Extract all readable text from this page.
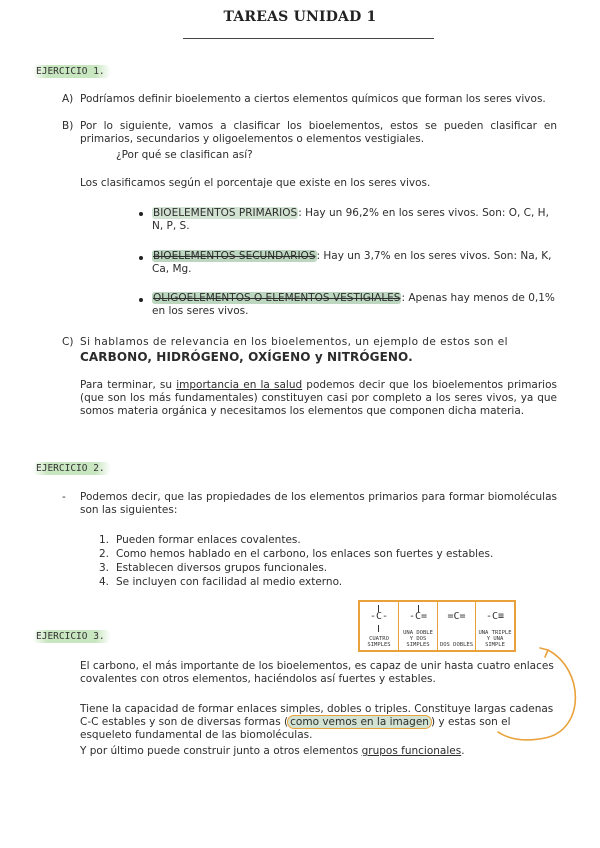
TAREAS UNIDAD 1
EJERCICIO 1.
A) Podríamos definir bioelemento a ciertos elementos químicos que forman los seres vivos.
B) Por lo siguiente, vamos a clasificar los bioelementos, estos se pueden clasificar en primarios, secundarios y oligoelementos o elementos vestigiales.
¿Por qué se clasifican así?
Los clasificamos según el porcentaje que existe en los seres vivos.
BIOELEMENTOS PRIMARIOS: Hay un 96,2% en los seres vivos. Son: O, C, H, N, P, S.
BIOELEMENTOS SECUNDARIOS: Hay un 3,7% en los seres vivos. Son: Na, K, Ca, Mg.
OLIGOELEMENTOS O ELEMENTOS VESTIGIALES: Apenas hay menos de 0,1% en los seres vivos.
C) Si hablamos de relevancia en los bioelementos, un ejemplo de estos son el
CARBONO, HIDRÓGENO, OXÍGENO y NITRÓGENO.
Para terminar, su importancia en la salud podemos decir que los bioelementos primarios (que son los más fundamentales) constituyen casi por completo a los seres vivos, ya que somos materia orgánica y necesitamos los elementos que componen dicha materia.
EJERCICIO 2.
- Podemos decir, que las propiedades de los elementos primarios para formar biomoléculas son las siguientes:
1. Pueden formar enlaces covalentes.
2. Como hemos hablado en el carbono, los enlaces son fuertes y estables.
3. Establecen diversos grupos funcionales.
4. Se incluyen con facilidad al medio externo.
EJERCICIO 3.
-C-
CUATRO SIMPLES
-C=
UNA DOBLE Y DOS SIMPLES
=C=
DOS DOBLES
-C≡
UNA TRIPLE Y UNA SIMPLE
El carbono, el más importante de los bioelementos, es capaz de unir hasta cuatro enlaces covalentes con otros elementos, haciéndolos así fuertes y estables.
Tiene la capacidad de formar enlaces simples, dobles o triples. Constituye largas cadenas C-C estables y son de diversas formas ( como vemos en la imagen ) y estas son el esqueleto fundamental de las biomoléculas.
Y por último puede construir junto a otros elementos grupos funcionales.
